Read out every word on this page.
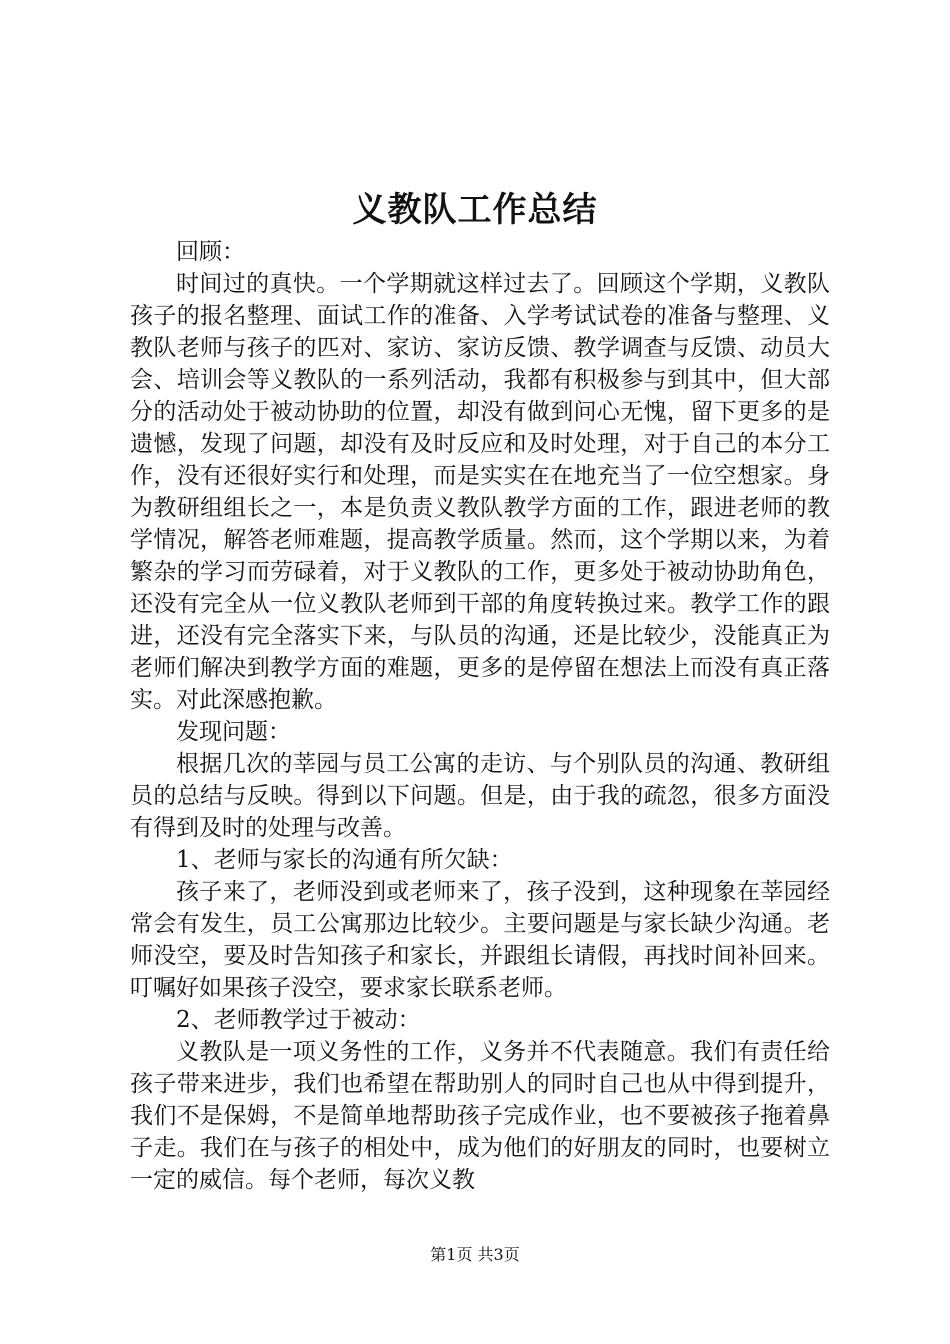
义教队工作总结

回顾：

时间过的真快。一个学期就这样过去了。回顾这个学期，义教队孩子的报名整理、面试工作的准备、入学考试试卷的准备与整理、义教队老师与孩子的匹对、家访、家访反馈、教学调查与反馈、动员大会、培训会等义教队的一系列活动，我都有积极参与到其中，但大部分的活动处于被动协助的位置，却没有做到问心无愧，留下更多的是遗憾，发现了问题，却没有及时反应和及时处理，对于自己的本分工作，没有还很好实行和处理，而是实实在在地充当了一位空想家。身为教研组组长之一，本是负责义教队教学方面的工作，跟进老师的教学情况，解答老师难题，提高教学质量。然而，这个学期以来，为着繁杂的学习而劳碌着，对于义教队的工作，更多处于被动协助角色，还没有完全从一位义教队老师到干部的角度转换过来。教学工作的跟进，还没有完全落实下来，与队员的沟通，还是比较少，没能真正为老师们解决到教学方面的难题，更多的是停留在想法上而没有真正落实。对此深感抱歉。

发现问题：

根据几次的莘园与员工公寓的走访、与个别队员的沟通、教研组员的总结与反映。得到以下问题。但是，由于我的疏忽，很多方面没有得到及时的处理与改善。

1、老师与家长的沟通有所欠缺：

孩子来了，老师没到或老师来了，孩子没到，这种现象在莘园经常会有发生，员工公寓那边比较少。主要问题是与家长缺少沟通。老师没空，要及时告知孩子和家长，并跟组长请假，再找时间补回来。叮嘱好如果孩子没空，要求家长联系老师。

2、老师教学过于被动：

义教队是一项义务性的工作，义务并不代表随意。我们有责任给孩子带来进步，我们也希望在帮助别人的同时自己也从中得到提升，我们不是保姆，不是简单地帮助孩子完成作业，也不要被孩子拖着鼻子走。我们在与孩子的相处中，成为他们的好朋友的同时，也要树立一定的威信。每个老师，每次义教

第1页 共3页
